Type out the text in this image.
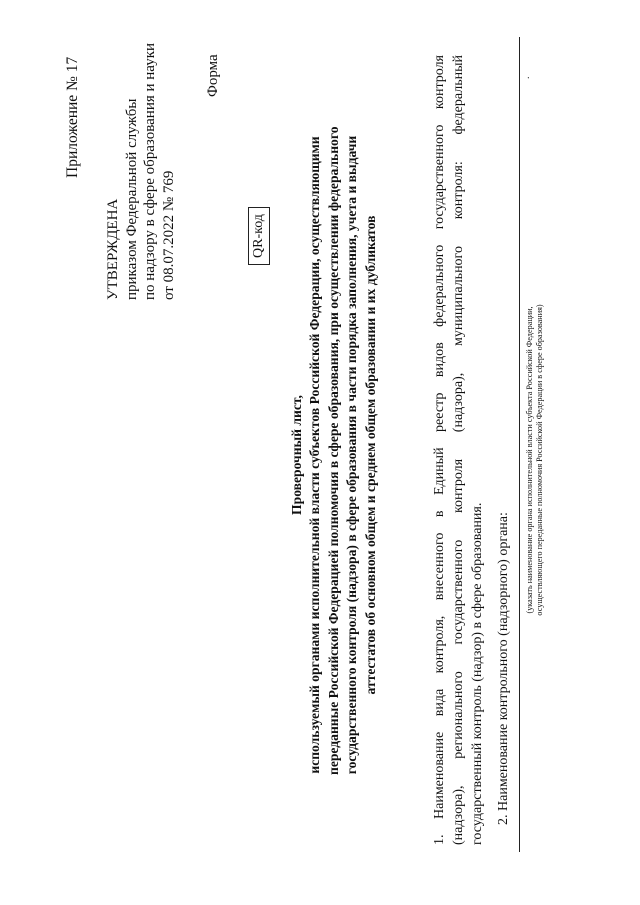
Приложение № 17
УТВЕРЖДЕНА приказом Федеральной службы по надзору в сфере образования и науки от 08.07.2022 № 769
Форма
QR-код
Проверочный лист, используемый органами исполнительной власти субъектов Российской Федерации, осуществляющими переданные Российской Федерацией полномочия в сфере образования, при осуществлении федерального государственного контроля (надзора) в сфере образования в части порядка заполнения, учета и выдачи аттестатов об основном общем и среднем общем образовании и их дубликатов	1. Наименование вида контроля, внесенного в Единый реестр видов федерального государственного контроля (надзора), регионального государственного контроля (надзора), муниципального контроля: федеральный государственный контроль (надзор) в сфере образования. 2. Наименование контрольного (надзорного) органа:
.
(указать наименование органа исполнительной власти субъекта Российской Федерации, осуществляющего переданные полномочия Российской Федерации в сфере образования)
